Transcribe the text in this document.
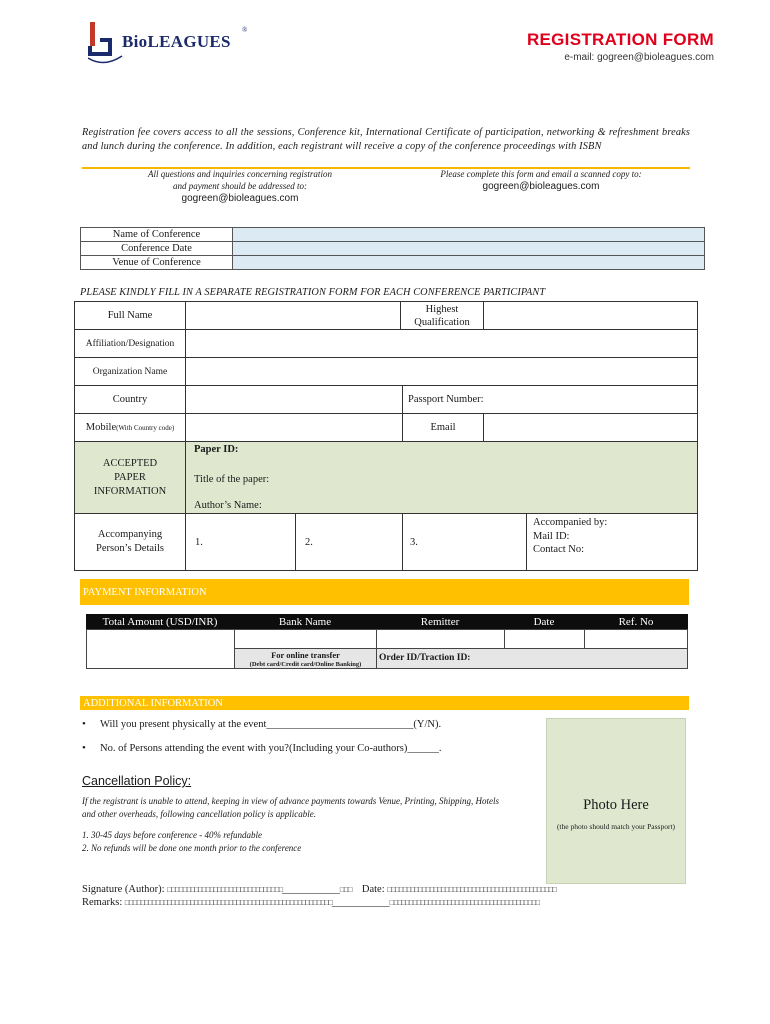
BioLEAGUES
®	REGISTRATION FORM
e-mail: gogreen@bioleagues.com
Registration fee covers access to all the sessions, Conference kit, International Certificate of participation, networking & refreshment breaks and lunch during the conference. In addition, each registrant will receive a copy of the conference proceedings with ISBN
All questions and inquiries concerning registration
and payment should be addressed to:
gogreen@bioleagues.com
Please complete this form and email a scanned copy to:
gogreen@bioleagues.com
Name of Conference	
Conference Date	
Venue of Conference	
PLEASE KINDLY FILL IN A SEPARATE REGISTRATION FORM FOR EACH CONFERENCE PARTICIPANT
Full Name
Highest Qualification
Affiliation/Designation
Organization Name
Country	Passport Number:
Mobile (With Country code)	Email
ACCEPTED PAPER INFORMATION
Paper ID:
Title of the paper:
Author’s Name:
Accompanying Person’s Details
1.	2.	3.
Accompanied by:
Mail ID:
Contact No:
PAYMENT INFORMATION
Total Amount (USD/INR)	Bank Name	Remitter	Date	Ref. No
For online transfer
(Debt card/Credit card/Online Banking)
Order ID/Traction ID:
ADDITIONAL INFORMATION
• Will you present physically at the event____________________________(Y/N).
• No. of Persons attending the event with you?(Including your Co-authors)______.
Photo Here
(the photo should match your Passport)
Cancellation Policy:
If the registrant is unable to attend, keeping in view of advance payments towards Venue, Printing, Shipping, Hotels and other overheads, following cancellation policy is applicable.
1. 30-45 days before conference - 40% refundable
2. No refunds will be done one month prior to the conference
Signature (Author): □□□□□□□□□□□□□□□□□□□□□□□□□□□□□□___________□□□ Date: □□□□□□□□□□□□□□□□□□□□□□□□□□□□□□□□□□□□□□□□□□□□
Remarks: □□□□□□□□□□□□□□□□□□□□□□□□□□□□□□□□□□□□□□□□□□□□□□□□□□□□□□___________□□□□□□□□□□□□□□□□□□□□□□□□□□□□□□□□□□□□□□□
